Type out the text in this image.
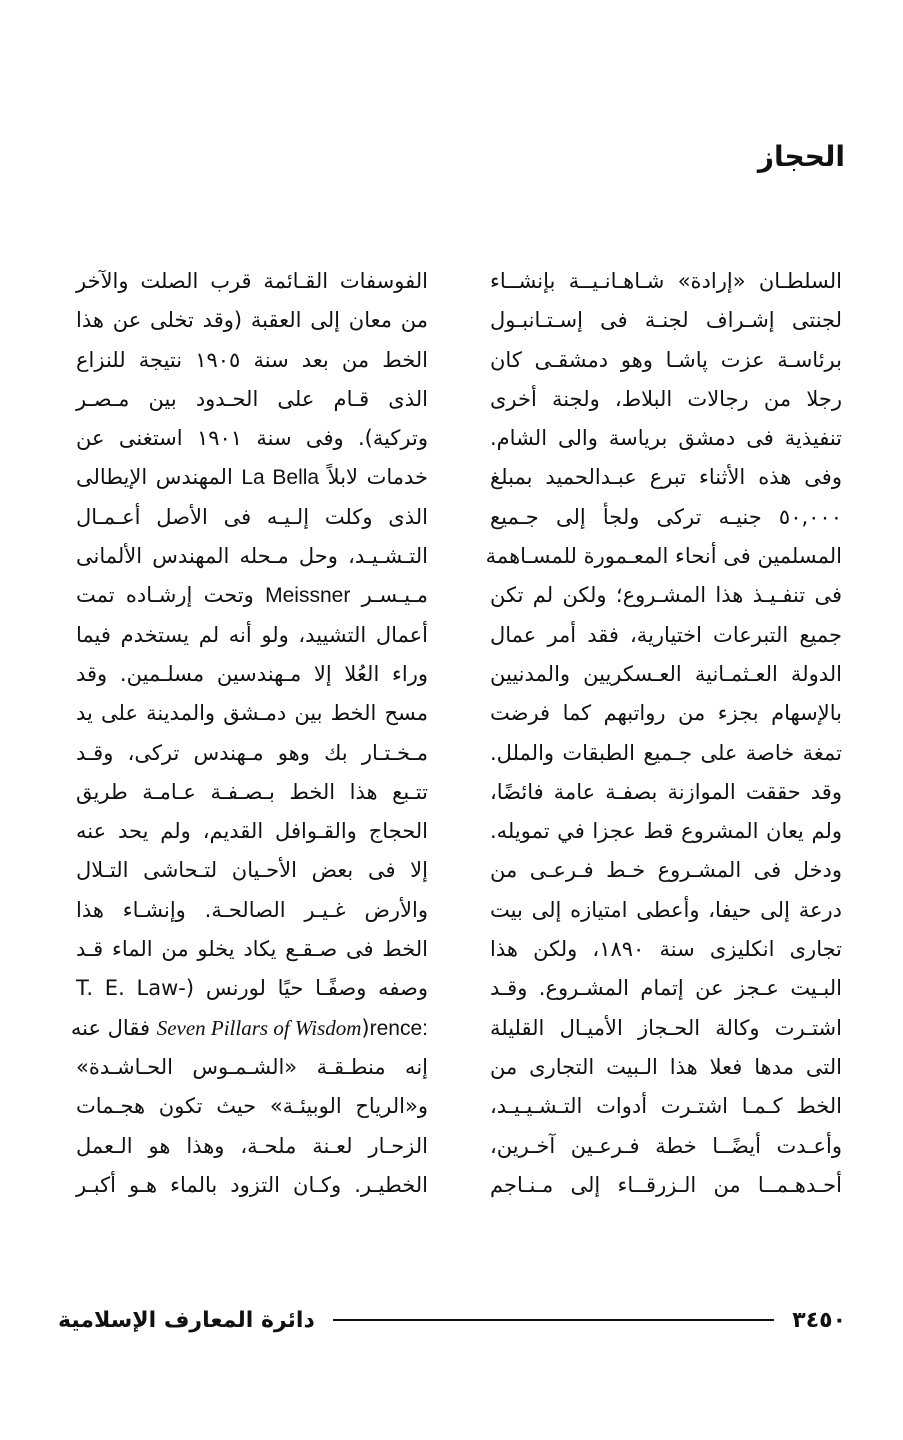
الحجاز
السلطـان «إرادة» شـاهـانـيــة بإنشــاء
لجنتى إشـراف لجنـة فى إسـتـانبـول
برئاسـة عزت پاشـا وهو دمشقـى كان
رجلا من رجالات البلاط، ولجنة أخرى
تنفيذية فى دمشق برياسة والى الشام.
وفى هذه الأثناء تبرع عبـدالحميد بمبلغ
٥٠,٠٠٠ جنيـه تركى ولجأ إلى جـميع
المسلمين فى أنحاء المعـمورة للمسـاهمة
فى تنفـيـذ هذا المشـروع؛ ولكن لم تكن
جميع التبرعات اختيارية، فقد أمر عمال
الدولة العـثمـانية العـسكريين والمدنيين
بالإسهام بجزء من رواتبهم كما فرضت
تمغة خاصة على جـميع الطبقات والملل.
وقد حققت الموازنة بصفـة عامة فائضًا،
ولم يعان المشروع قط عجزا في تمويله.
ودخل فى المشـروع خـط فـرعـى من
درعة إلى حيفا، وأعطى امتيازه إلى بيت
تجارى انكليزى سنة ١٨٩٠، ولكن هذا
البـيت عـجز عن إتمام المشـروع. وقـد
اشتـرت وكالة الحـجاز الأميـال القليلة
التى مدها فعلا هذا الـبيت التجارى من
الخط كـمـا اشتـرت أدوات التـشـيـيـد،
وأعـدت أيضًــا خطة فـرعـين آخـرين،
أحـدهـمــا من الـزرقــاء إلى مـنـاجم
الفوسفات القـائمة قرب الصلت والآخر
من معان إلى العقبة (وقد تخلى عن هذا
الخط من بعد سنة ١٩٠٥ نتيجة للنزاع
الذى قـام على الحـدود بين مـصـر
وتركية). وفى سنة ١٩٠١ استغنى عن
خدمات لابلاً La Bella المهندس الإيطالى
الذى وكلت إلـيـه فى الأصل أعـمـال
التـشـيـد، وحل مـحله المهندس الألمانى
مـيـسـر Meissner وتحت إرشـاده تمت
أعمال التشييد، ولو أنه لم يستخدم فيما
وراء العُلا إلا مـهندسين مسلـمين. وقد
مسح الخط بين دمـشق والمدينة على يد
مـخـتـار بك وهو مـهندس تركى، وقـد
تتـبع هذا الخط بـصـفـة عـامـة طريق
الحجاج والقـوافل القديم، ولم يحد عنه
إلا فى بعض الأحـيان لتـحاشى التـلال
والأرض غـيـر الصالحـة. وإنشـاء هذا
الخط فى صـقـع يكاد يخلو من الماء قـد
وصفه وصفًـا حيًا لورنس (-T. E. Law
Seven Pillars of Wisdom)rence: فقال عنه
إنه منطـقـة «الشـمـوس الحـاشـدة»
و«الرياح الوبيئـة» حيث تكون هجـمات
الزحـار لعـنة ملحـة، وهذا هو الـعمل
الخطيـر. وكـان التزود بالماء هـو أكبـر
٣٤٥٠
دائرة المعارف الإسلامية
